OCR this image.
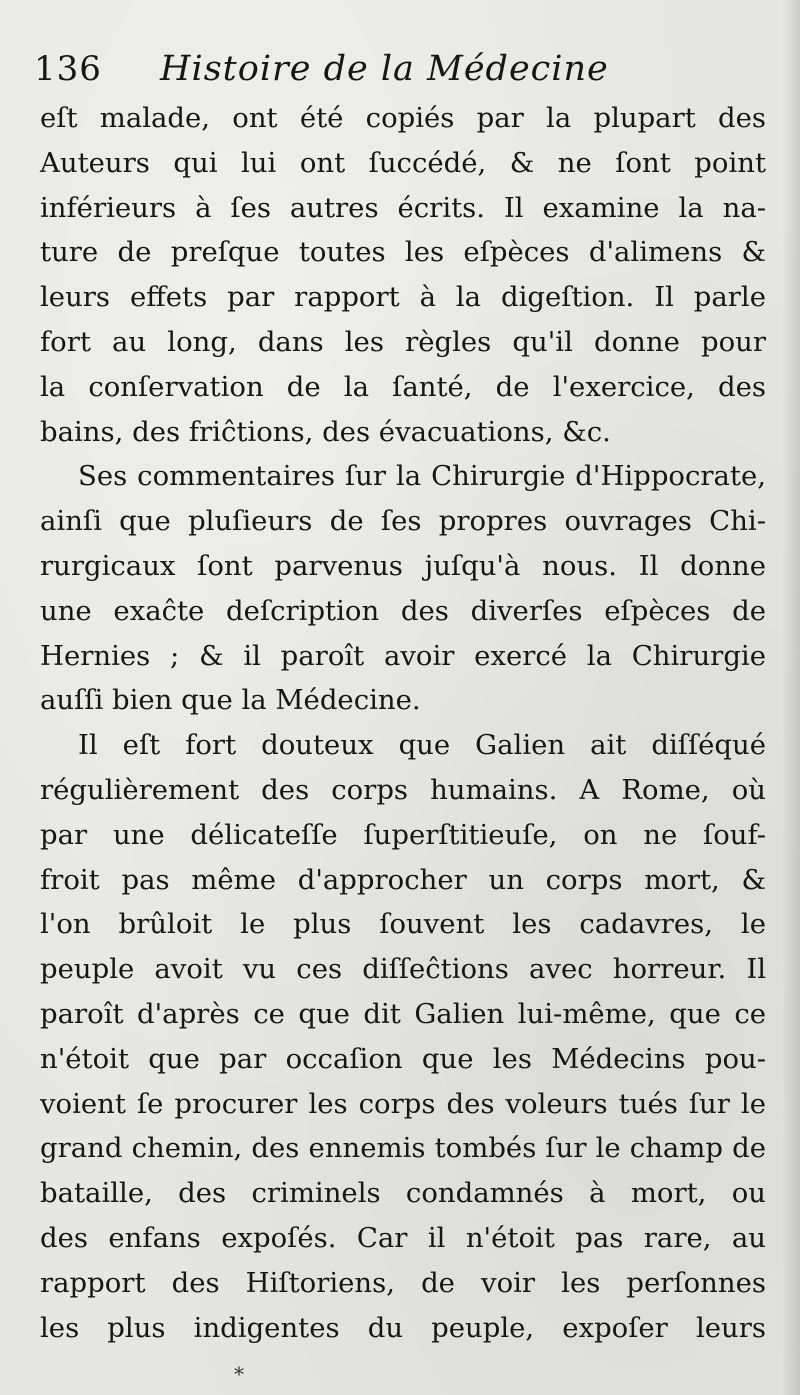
136 Histoire de la Médecine
eſt malade, ont été copiés par la plupart des
Auteurs qui lui ont ſuccédé, & ne ſont point
inférieurs à ſes autres écrits. Il examine la na-
ture de preſque toutes les eſpèces d'alimens &
leurs effets par rapport à la digeſtion. Il parle
fort au long, dans les règles qu'il donne pour
la conſervation de la ſanté, de l'exercice, des
bains, des friĉtions, des évacuations, &c.
Ses commentaires ſur la Chirurgie d'Hippocrate,
ainſi que pluſieurs de ſes propres ouvrages Chi-
rurgicaux ſont parvenus juſqu'à nous. Il donne
une exaĉte deſcription des diverſes eſpèces de
Hernies ; & il paroît avoir exercé la Chirurgie
auſſi bien que la Médecine.
Il eſt fort douteux que Galien ait diſſéqué
régulièrement des corps humains. A Rome, où
par une délicateſſe ſuperſtitieuſe, on ne ſouf-
froit pas même d'approcher un corps mort, &
l'on brûloit le plus ſouvent les cadavres, le
peuple avoit vu ces diſſeĉtions avec horreur. Il
paroît d'après ce que dit Galien lui-même, que ce
n'étoit que par occaſion que les Médecins pou-
voient ſe procurer les corps des voleurs tués ſur le
grand chemin, des ennemis tombés ſur le champ de
bataille, des criminels condamnés à mort, ou
des enfans expoſés. Car il n'étoit pas rare, au
rapport des Hiſtoriens, de voir les perſonnes
les plus indigentes du peuple, expoſer leurs
⁎
